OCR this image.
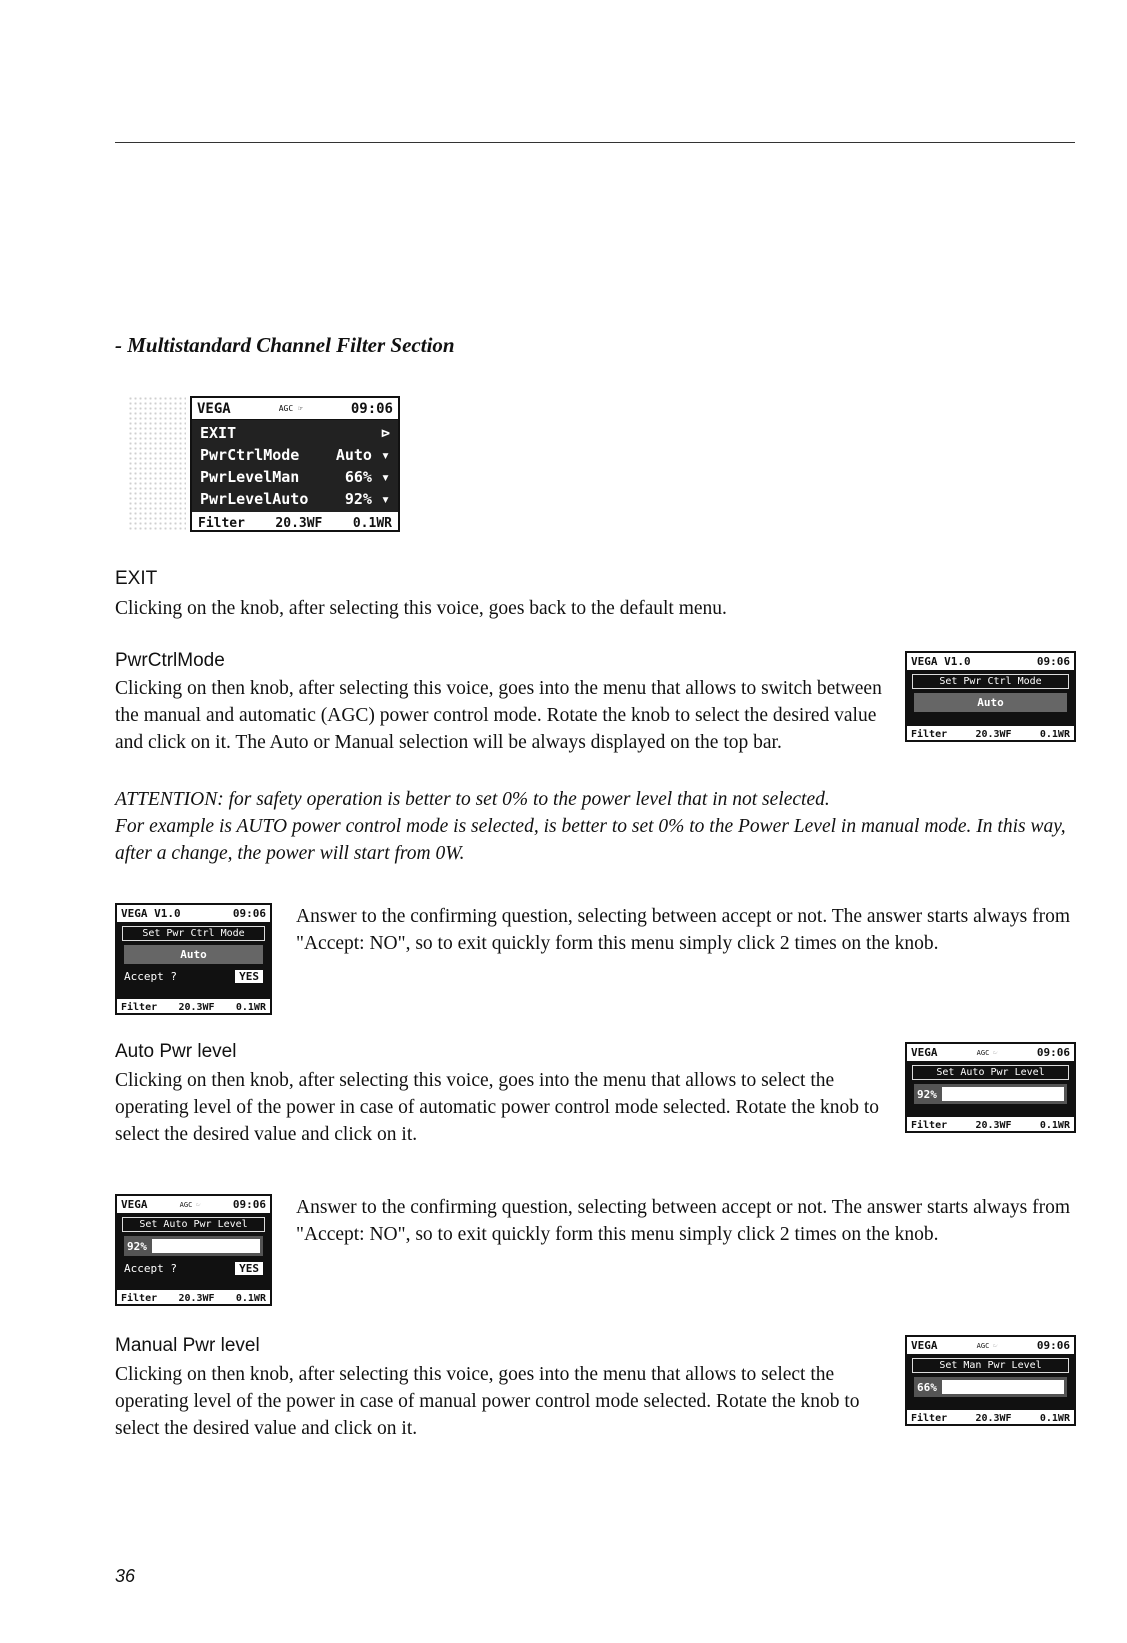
- Multistandard Channel Filter Section
VEGA	AGC ☞	09:06
EXIT	⊳
PwrCtrlMode Auto ▾
PwrLevelMan	66% ▾
PwrLevelAuto 92% ▾
Filter 20.3WF 0.1WR
EXIT

Clicking on the knob, after selecting this voice, goes back to the default menu.

PwrCtrlMode

Clicking on then knob, after selecting this voice, goes into the menu that allows to switch between the manual and automatic (AGC) power control mode. Rotate the knob to select the desired value and click on it. The Auto or Manual selection will be always displayed on the top bar.

VEGA V1.0	09:06
Set Pwr Ctrl Mode
Auto
Filter	20.3WF	0.1WR

ATTENTION: for safety operation is better to set 0% to the power level that in not selected.

For example is AUTO power control mode is selected, is better to set 0% to the Power Level in manual mode. In this way, after a change, the power will start from 0W.

VEGA V1.0	09:06
Set Pwr Ctrl Mode
Auto
Accept ?	YES
Filter 20.3WF 0.1WR

Answer to the confirming question, selecting between accept or not. The answer starts always from "Accept: NO", so to exit quickly form this menu simply click 2 times on the knob.

Auto Pwr level

Clicking on then knob, after selecting this voice, goes into the menu that allows to select the operating level of the power in case of automatic power control mode selected. Rotate the knob to select the desired value and click on it.

VEGA	AGC ☞	09:06
Set Auto Pwr Level
92%
Filter	20.3WF	0.1WR
VEGA	AGC ☞	09:06
Set Auto Pwr Level
92%
Accept ?	YES
Filter 20.3WF 0.1WR

Answer to the confirming question, selecting between accept or not. The answer starts always from "Accept: NO", so to exit quickly form this menu simply click 2 times on the knob.

Manual Pwr level

Clicking on then knob, after selecting this voice, goes into the menu that allows to select the operating level of the power in case of manual power control mode selected. Rotate the knob to select the desired value and click on it.

VEGA	AGC ☞	09:06
Set Man Pwr Level
66%
Filter	20.3WF	0.1WR
36
